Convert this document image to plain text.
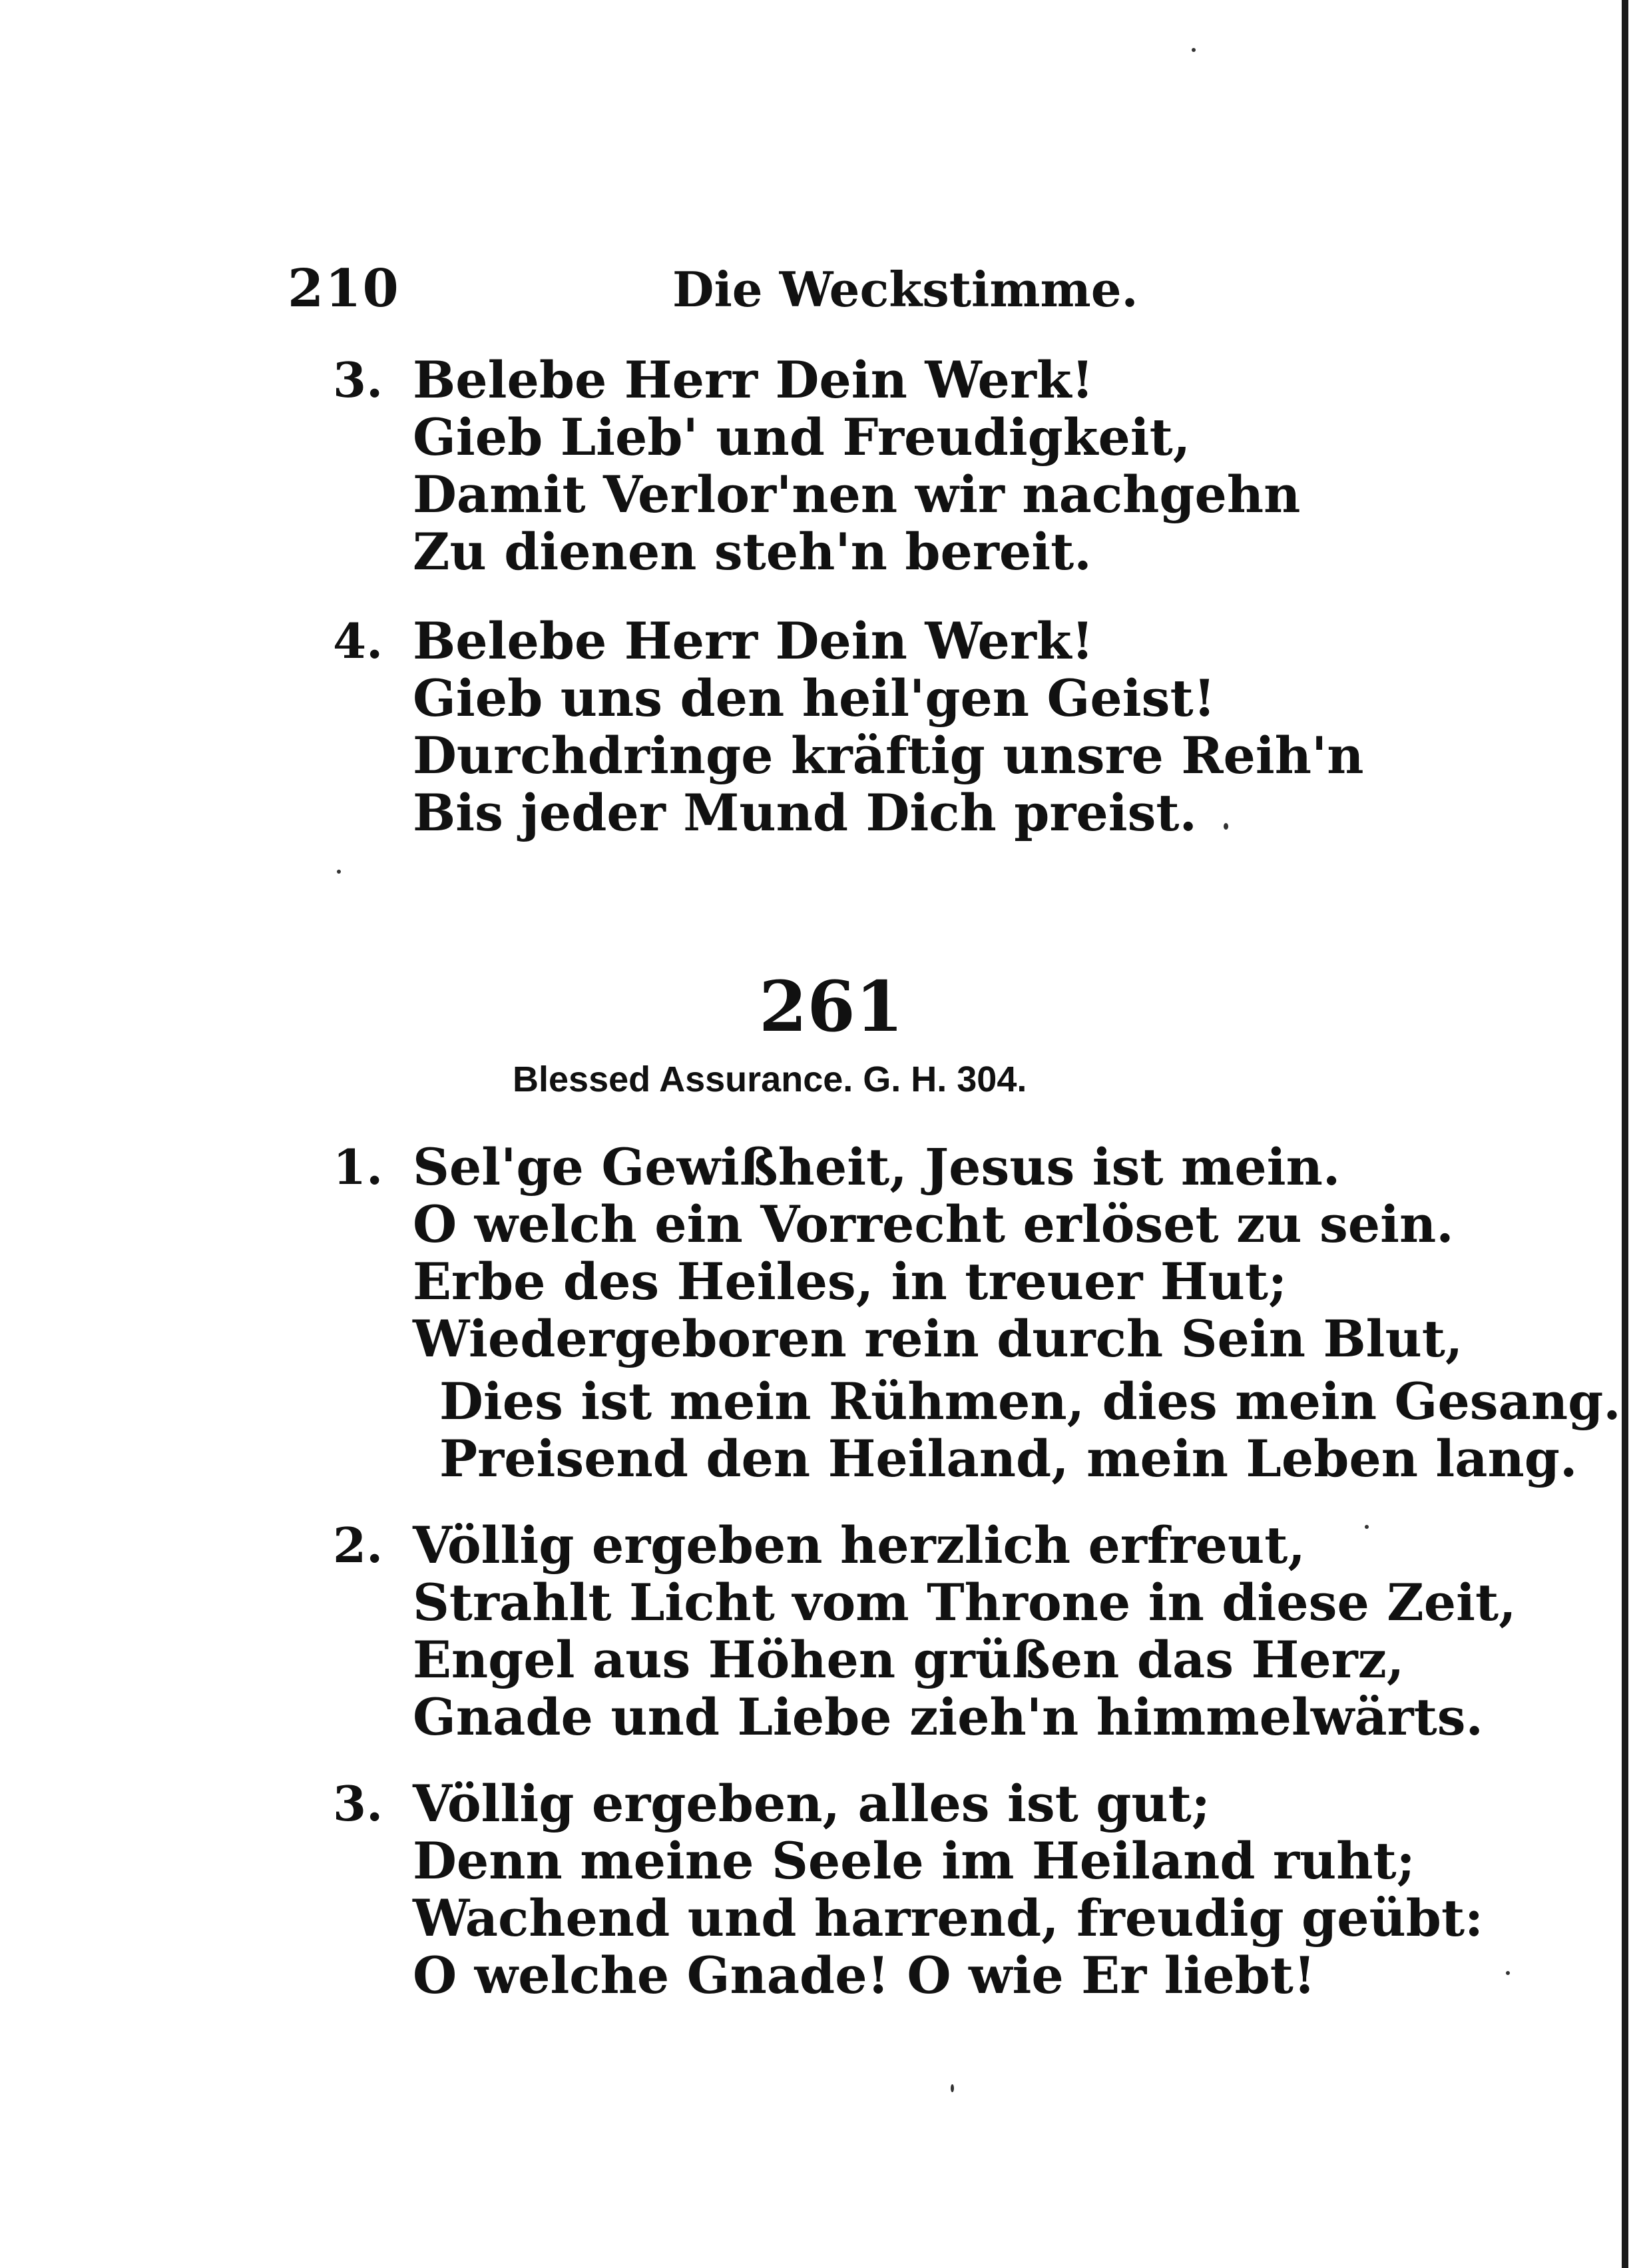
210	Die Weckstimme.
3. Belebe Herr Dein Werk!
Gieb Lieb' und Freudigkeit,
Damit Verlor'nen wir nachgehn
Zu dienen steh'n bereit.
4. Belebe Herr Dein Werk!
Gieb uns den heil'gen Geist!
Durchdringe kräftig unsre Reih'n
Bis jeder Mund Dich preist.
261
Blessed Assurance. G. H. 304.
1. Sel'ge Gewißheit, Jesus ist mein.
O welch ein Vorrecht erlöset zu sein.
Erbe des Heiles, in treuer Hut;
Wiedergeboren rein durch Sein Blut,
Dies ist mein Rühmen, dies mein Gesang.
Preisend den Heiland, mein Leben lang.
2. Völlig ergeben herzlich erfreut,
Strahlt Licht vom Throne in diese Zeit,
Engel aus Höhen grüßen das Herz,
Gnade und Liebe zieh'n himmelwärts.
3. Völlig ergeben, alles ist gut;
Denn meine Seele im Heiland ruht;
Wachend und harrend, freudig geübt:
O welche Gnade! O wie Er liebt!
